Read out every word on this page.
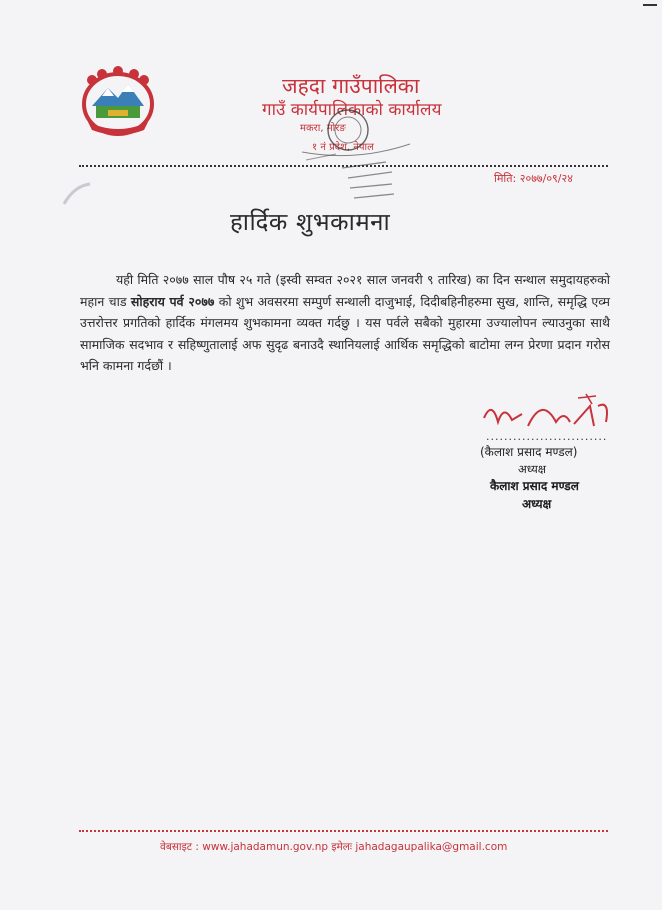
जहदा गाउँपालिका
गाउँ कार्यपालिकाको कार्यालय
मकरा, मोरङ
१ नं प्रदेश, नेपाल
मिति: २०७७/०९/२४
हार्दिक शुभकामना
यही मिति २०७७ साल पौष २५ गते (इस्वी सम्वत २०२१ साल जनवरी ९ तारिख) का दिन सन्थाल समुदायहरुको महान चाड सोहराय पर्व २०७७ को शुभ अवसरमा सम्पुर्ण सन्थाली दाजुभाई, दिदीबहिनीहरुमा सुख, शान्ति, समृद्धि एव्म उत्तरोत्तर प्रगतिको हार्दिक मंगलमय शुभकामना व्यक्त गर्दछु । यस पर्वले सबैको मुहारमा उज्यालोपन ल्याउनुका साथै सामाजिक सदभाव र सहिष्णुतालाई अफ सुदृढ बनाउदै स्थानियलाई आर्थिक समृद्धिको बाटोमा लग्न प्रेरणा प्रदान गरोस भनि कामना गर्दछौं ।
...........................
(कैलाश प्रसाद मण्डल)
अध्यक्ष
कैलाश प्रसाद मण्डल
अध्यक्ष
वेबसाइट : www.jahadamun.gov.np इमेलः jahadagaupalika@gmail.com
